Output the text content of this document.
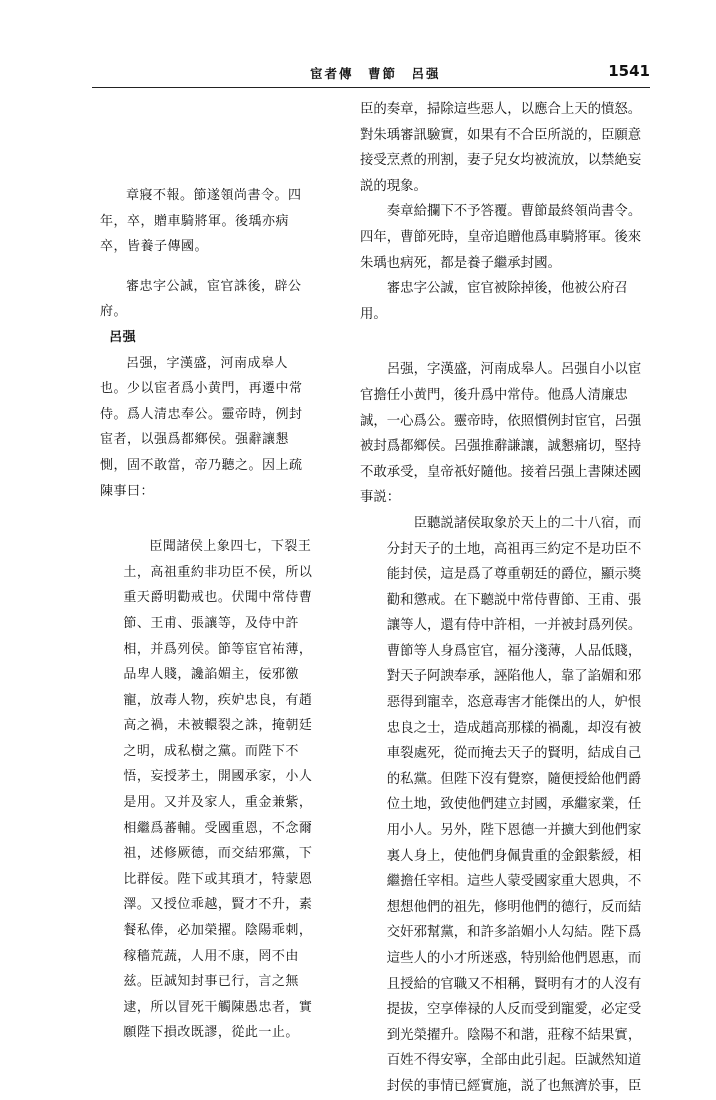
宦者傳　曹節　呂强	1541

章寢不報。節遂領尚書令。四年，卒，贈車騎將軍。後瑀亦病卒，皆養子傳國。

審忠字公誠，宦官誅後，辟公府。

呂强

呂强，字漢盛，河南成皋人也。少以宦者爲小黄門，再遷中常侍。爲人清忠奉公。靈帝時，例封宦者，以强爲都鄉侯。强辭讓懇惻，固不敢當，帝乃聽之。因上疏陳事曰：

臣聞諸侯上象四七，下裂王土，高祖重約非功臣不侯，所以重天爵明勸戒也。伏聞中常侍曹節、王甫、張讓等，及侍中許相，并爲列侯。節等宦官祐薄，品卑人賤，讒諂媚主，佞邪徼寵，放毒人物，疾妒忠良，有趙高之禍，未被轘裂之誅，掩朝廷之明，成私樹之黨。而陛下不悟，妄授茅土，開國承家，小人是用。又并及家人，重金兼紫，相繼爲蕃輔。受國重恩，不念爾祖，述修厥德，而交結邪黨，下比群佞。陛下或其瑣才，特蒙恩澤。又授位乖越，賢才不升，素餐私俸，必加榮擢。陰陽乖刺，稼穡荒蔬，人用不康，罔不由兹。臣誠知封事已行，言之無逮，所以冒死干觸陳愚忠者，實願陛下損改既謬，從此一止。

臣的奏章，掃除這些惡人，以應合上天的憤怒。對朱瑀審訊驗實，如果有不合臣所説的，臣願意接受烹煮的刑割，妻子兒女均被流放，以禁絶妄説的現象。

奏章給攔下不予答覆。曹節最終領尚書令。四年，曹節死時，皇帝追贈他爲車騎將軍。後來朱瑀也病死，都是養子繼承封國。

審忠字公誠，宦官被除掉後，他被公府召用。

呂强，字漢盛，河南成皋人。呂强自小以宦官擔任小黄門，後升爲中常侍。他爲人清廉忠誠，一心爲公。靈帝時，依照慣例封宦官，呂强被封爲都鄉侯。呂强推辭謙讓，誠懇痛切，堅持不敢承受，皇帝祇好隨他。接着呂强上書陳述國事説：

臣聽説諸侯取象於天上的二十八宿，而分封天子的土地，高祖再三約定不是功臣不能封侯，這是爲了尊重朝廷的爵位，顯示獎勸和懲戒。在下聽説中常侍曹節、王甫、張讓等人，還有侍中許相，一并被封爲列侯。曹節等人身爲宦官，福分淺薄，人品低賤，對天子阿諛奉承，誣陷他人，靠了諂媚和邪惡得到寵幸，恣意毒害才能傑出的人，妒恨忠良之士，造成趙高那樣的禍亂，却沒有被車裂處死，從而掩去天子的賢明，結成自己的私黨。但陛下沒有覺察，隨便授給他們爵位土地，致使他們建立封國，承繼家業，任用小人。另外，陛下恩德一并擴大到他們家裏人身上，使他們身佩貴重的金銀紫綬，相繼擔任宰相。這些人蒙受國家重大恩典，不想想他們的祖先，修明他們的德行，反而結交奸邪幫黨，和許多諂媚小人勾結。陛下爲這些人的小才所迷惑，特别給他們恩惠，而且授給的官職又不相稱，賢明有才的人沒有提拔，空享俸禄的人反而受到寵愛，必定受到光榮擢升。陰陽不和諧，莊稼不結果實，百姓不得安寧，全部由此引起。臣誠然知道封侯的事情已經實施，説了也無濟於事，臣
